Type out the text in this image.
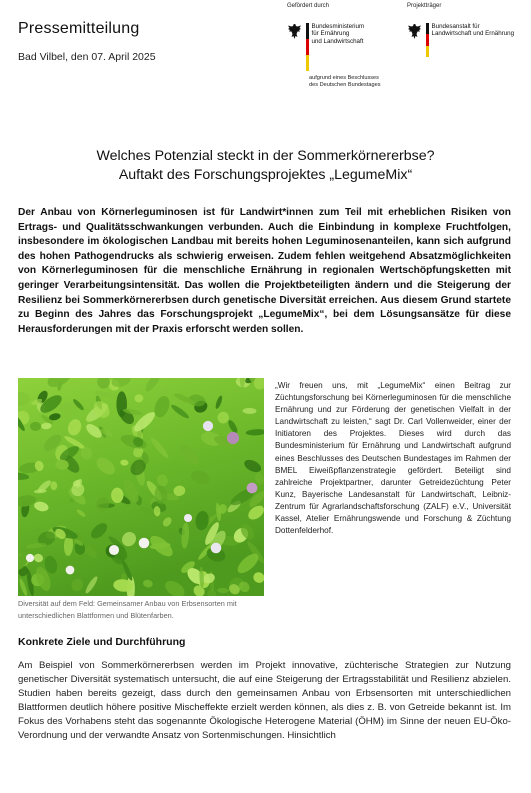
Pressemitteilung
Bad Vilbel, den 07. April 2025
Gefördert durch
Bundesministerium
für Ernährung
und Landwirtschaft
aufgrund eines Beschlusses
des Deutschen Bundestages
Projektträger
Bundesanstalt für
Landwirtschaft und Ernährung
Welches Potenzial steckt in der Sommerkörnererbse?
Auftakt des Forschungsprojektes „LegumeMix“

Der Anbau von Körnerleguminosen ist für Landwirt*innen zum Teil mit erheblichen Risiken von Ertrags- und Qualitätsschwankungen verbunden. Auch die Einbindung in komplexe Fruchtfolgen, insbesondere im ökologischen Landbau mit bereits hohen Leguminosenanteilen, kann sich aufgrund des hohen Pathogendrucks als schwierig erweisen. Zudem fehlen weitgehend Absatzmöglichkeiten von Körnerleguminosen für die menschliche Ernährung in regionalen Wertschöpfungsketten mit geringer Verarbeitungsintensität. Das wollen die Projektbeteiligten ändern und die Steigerung der Resilienz bei Sommerkörnererbsen durch genetische Diversität erreichen. Aus diesem Grund startete zu Beginn des Jahres das Forschungsprojekt „LegumeMix“, bei dem Lösungsansätze für diese Herausforderungen mit der Praxis erforscht werden sollen.

Diversität auf dem Feld: Gemeinsamer Anbau von Erbsensorten mit unterschiedlichen Blattformen und Blütenfarben.

„Wir freuen uns, mit „LegumeMix“ einen Beitrag zur Züchtungsforschung bei Körnerleguminosen für die menschliche Ernährung und zur Förderung der genetischen Vielfalt in der Landwirtschaft zu leisten,“ sagt Dr. Carl Vollenweider, einer der Initiatoren des Projektes. Dieses wird durch das Bundesministerium für Ernährung und Landwirtschaft aufgrund eines Beschlusses des Deutschen Bundestages im Rahmen der BMEL Eiweißpflanzenstrategie gefördert. Beteiligt sind zahlreiche Projektpartner, darunter Getreidezüchtung Peter Kunz, Bayerische Landesanstalt für Landwirtschaft, Leibniz-Zentrum für Agrarlandschaftsforschung (ZALF) e.V., Universität Kassel, Atelier Ernährungswende und Forschung & Züchtung Dottenfelderhof.

Konkrete Ziele und Durchführung

Am Beispiel von Sommerkörnererbsen werden im Projekt innovative, züchterische Strategien zur Nutzung genetischer Diversität systematisch untersucht, die auf eine Steigerung der Ertragsstabilität und Resilienz abzielen. Studien haben bereits gezeigt, dass durch den gemeinsamen Anbau von Erbsensorten mit unterschiedlichen Blattformen deutlich höhere positive Mischeffekte erzielt werden können, als dies z. B. von Getreide bekannt ist. Im Fokus des Vorhabens steht das sogenannte Ökologische Heterogene Material (ÖHM) im Sinne der neuen EU-Öko-Verordnung und der verwandte Ansatz von Sortenmischungen. Hinsichtlich
